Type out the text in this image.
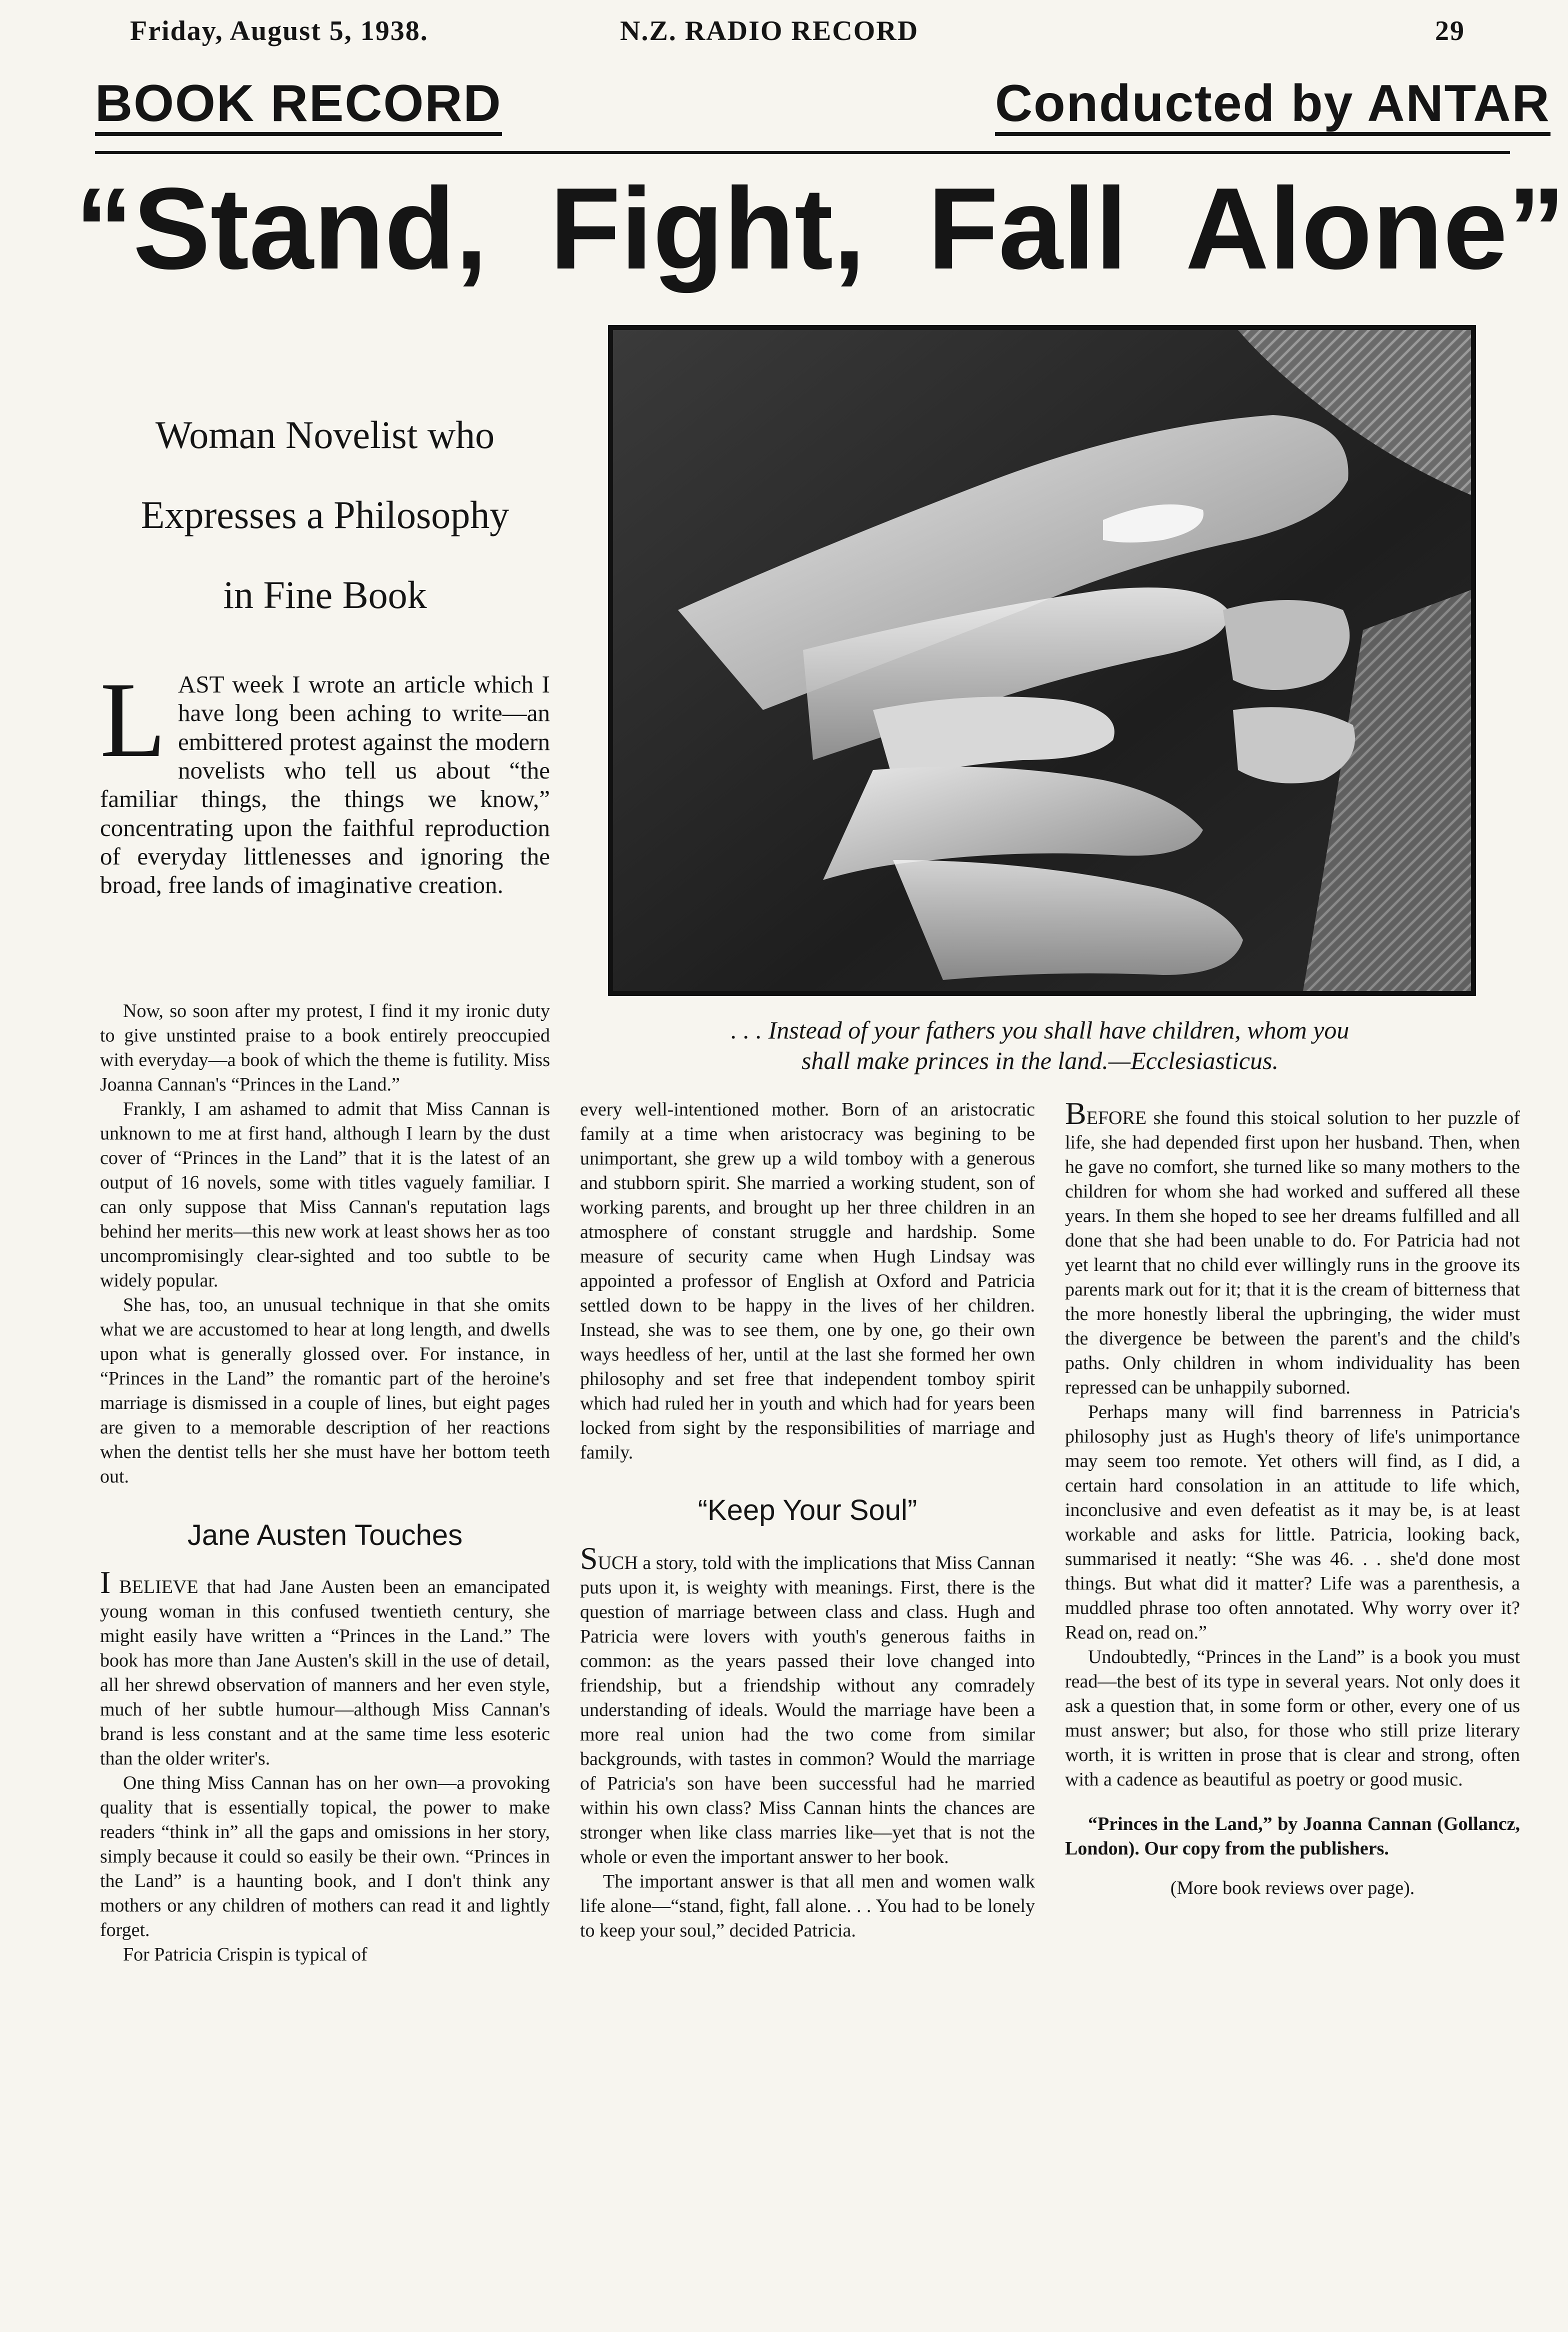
Friday, August 5, 1938.	N.Z. RADIO RECORD	29
BOOK RECORD	Conducted by ANTAR
“Stand, Fight, Fall Alone”
Woman Novelist who
Expresses a Philosophy
in Fine Book
. . . Instead of your fathers you shall have children, whom you
shall make princes in the land.—Ecclesiasticus.

LAST week I wrote an article which I have long been aching to write—an embittered protest against the modern novelists who tell us about “the familiar things, the things we know,” concentrating upon the faithful reproduction of everyday littlenesses and ignoring the broad, free lands of imaginative creation.

Now, so soon after my protest, I find it my ironic duty to give unstinted praise to a book entirely preoccupied with everyday—a book of which the theme is futility. Miss Joanna Cannan's “Princes in the Land.”

Frankly, I am ashamed to admit that Miss Cannan is unknown to me at first hand, although I learn by the dust cover of “Princes in the Land” that it is the latest of an output of 16 novels, some with titles vaguely familiar. I can only suppose that Miss Cannan's reputation lags behind her merits—this new work at least shows her as too uncompromisingly clear-sighted and too subtle to be widely popular.

She has, too, an unusual technique in that she omits what we are accustomed to hear at long length, and dwells upon what is generally glossed over. For instance, in “Princes in the Land” the romantic part of the heroine's marriage is dismissed in a couple of lines, but eight pages are given to a memorable description of her reactions when the dentist tells her she must have her bottom teeth out.

Jane Austen Touches

I BELIEVE that had Jane Austen been an emancipated young woman in this confused twentieth century, she might easily have written a “Princes in the Land.” The book has more than Jane Austen's skill in the use of detail, all her shrewd observation of manners and her even style, much of her subtle humour—although Miss Cannan's brand is less constant and at the same time less esoteric than the older writer's.

One thing Miss Cannan has on her own—a provoking quality that is essentially topical, the power to make readers “think in” all the gaps and omissions in her story, simply because it could so easily be their own. “Princes in the Land” is a haunting book, and I don't think any mothers or any children of mothers can read it and lightly forget.

For Patricia Crispin is typical of

every well-intentioned mother. Born of an aristocratic family at a time when aristocracy was begining to be unimportant, she grew up a wild tomboy with a generous and stubborn spirit. She married a working student, son of working parents, and brought up her three children in an atmosphere of constant struggle and hardship. Some measure of security came when Hugh Lindsay was appointed a professor of English at Oxford and Patricia settled down to be happy in the lives of her children. Instead, she was to see them, one by one, go their own ways heedless of her, until at the last she formed her own philosophy and set free that independent tomboy spirit which had ruled her in youth and which had for years been locked from sight by the responsibilities of marriage and family.

“Keep Your Soul”

SUCH a story, told with the implications that Miss Cannan puts upon it, is weighty with meanings. First, there is the question of marriage between class and class. Hugh and Patricia were lovers with youth's generous faiths in common: as the years passed their love changed into friendship, but a friendship without any comradely understanding of ideals. Would the marriage have been a more real union had the two come from similar backgrounds, with tastes in common? Would the marriage of Patricia's son have been successful had he married within his own class? Miss Cannan hints the chances are stronger when like class marries like—yet that is not the whole or even the important answer to her book.

The important answer is that all men and women walk life alone—“stand, fight, fall alone. . . You had to be lonely to keep your soul,” decided Patricia.

BEFORE she found this stoical solution to her puzzle of life, she had depended first upon her husband. Then, when he gave no comfort, she turned like so many mothers to the children for whom she had worked and suffered all these years. In them she hoped to see her dreams fulfilled and all done that she had been unable to do. For Patricia had not yet learnt that no child ever willingly runs in the groove its parents mark out for it; that it is the cream of bitterness that the more honestly liberal the upbringing, the wider must the divergence be between the parent's and the child's paths. Only children in whom individuality has been repressed can be unhappily suborned.

Perhaps many will find barrenness in Patricia's philosophy just as Hugh's theory of life's unimportance may seem too remote. Yet others will find, as I did, a certain hard consolation in an attitude to life which, inconclusive and even defeatist as it may be, is at least workable and asks for little. Patricia, looking back, summarised it neatly: “She was 46. . . she'd done most things. But what did it matter? Life was a parenthesis, a muddled phrase too often annotated. Why worry over it? Read on, read on.”

Undoubtedly, “Princes in the Land” is a book you must read—the best of its type in several years. Not only does it ask a question that, in some form or other, every one of us must answer; but also, for those who still prize literary worth, it is written in prose that is clear and strong, often with a cadence as beautiful as poetry or good music.

“Princes in the Land,” by Joanna Cannan (Gollancz, London). Our copy from the publishers.

(More book reviews over page).
